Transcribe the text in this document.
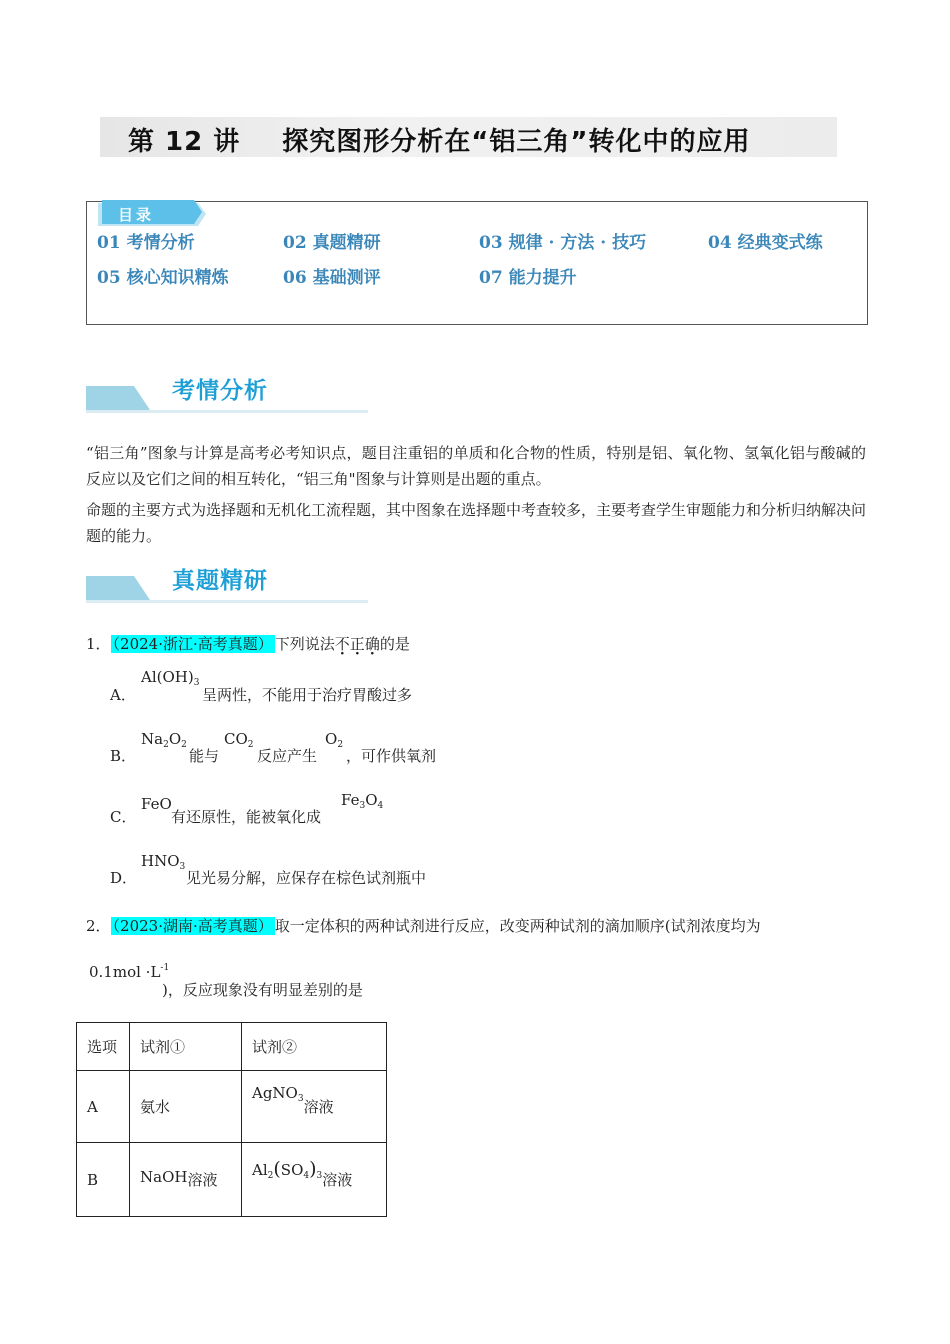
第 12 讲 探究图形分析在“铝三角”转化中的应用
目录
01 考情分析	02 真题精研	03 规律 · 方法 · 技巧	04 经典变式练
05 核心知识精炼	06 基础测评	07 能力提升
考情分析

“铝三角”图象与计算是高考必考知识点，题目注重铝的单质和化合物的性质，特别是铝、氧化物、氢氧化铝与酸碱的反应以及它们之间的相互转化，“铝三角"图象与计算则是出题的重点。

命题的主要方式为选择题和无机化工流程题，其中图象在选择题中考查较多，主要考查学生审题能力和分析归纳解决问题的能力。

真题精研
1． （2024·浙江·高考真题） 下列说法不正确的是
A．
$Al(OH)_3$
呈两性，不能用于治疗胃酸过多
B．
$Na_2O_2$
能与
$CO_2$
反应产生
$O_2$
，可作供氧剂
C．
FeO
有还原性，能被氧化成
$Fe_3O_4$
D．
$HNO_3$
见光易分解，应保存在棕色试剂瓶中
2． （2023·湖南·高考真题） 取一定体积的两种试剂进行反应，改变两种试剂的滴加顺序(试剂浓度均为
$0.1mol \cdot L^{-1}$
)，反应现象没有明显差别的是
选项	试剂①	试剂②
A	氨水	AgNO$_3$溶液
B	NaOH溶液	$Al_2(SO_4)_3$溶液
